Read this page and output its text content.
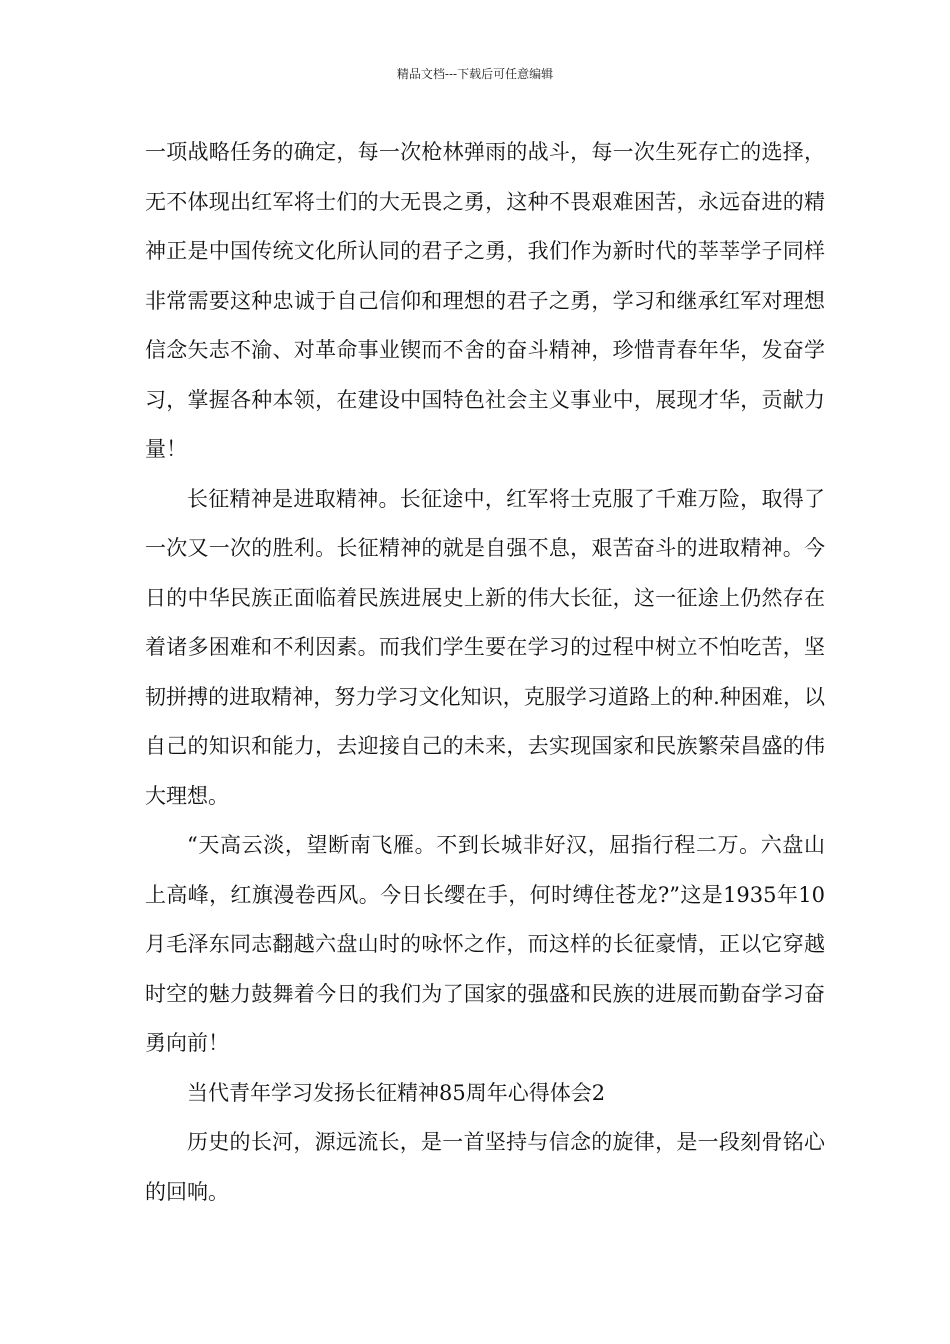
精品文档---下载后可任意编辑

一项战略任务的确定，每一次枪林弹雨的战斗，每一次生死存亡的选择，无不体现出红军将士们的大无畏之勇，这种不畏艰难困苦，永远奋进的精神正是中国传统文化所认同的君子之勇，我们作为新时代的莘莘学子同样非常需要这种忠诚于自己信仰和理想的君子之勇，学习和继承红军对理想信念矢志不渝、对革命事业锲而不舍的奋斗精神，珍惜青春年华，发奋学习，掌握各种本领，在建设中国特色社会主义事业中，展现才华，贡献力量！

长征精神是进取精神。长征途中，红军将士克服了千难万险，取得了一次又一次的胜利。长征精神的就是自强不息，艰苦奋斗的进取精神。今日的中华民族正面临着民族进展史上新的伟大长征，这一征途上仍然存在着诸多困难和不利因素。而我们学生要在学习的过程中树立不怕吃苦，坚韧拼搏的进取精神，努力学习文化知识，克服学习道路上的种.种困难，以自己的知识和能力，去迎接自己的未来，去实现国家和民族繁荣昌盛的伟大理想。

“天高云淡，望断南飞雁。不到长城非好汉，屈指行程二万。六盘山上高峰，红旗漫卷西风。今日长缨在手，何时缚住苍龙?”这是1935年10月毛泽东同志翻越六盘山时的咏怀之作，而这样的长征豪情，正以它穿越时空的魅力鼓舞着今日的我们为了国家的强盛和民族的进展而勤奋学习奋勇向前！

当代青年学习发扬长征精神85周年心得体会2

历史的长河，源远流长，是一首坚持与信念的旋律，是一段刻骨铭心的回响。
